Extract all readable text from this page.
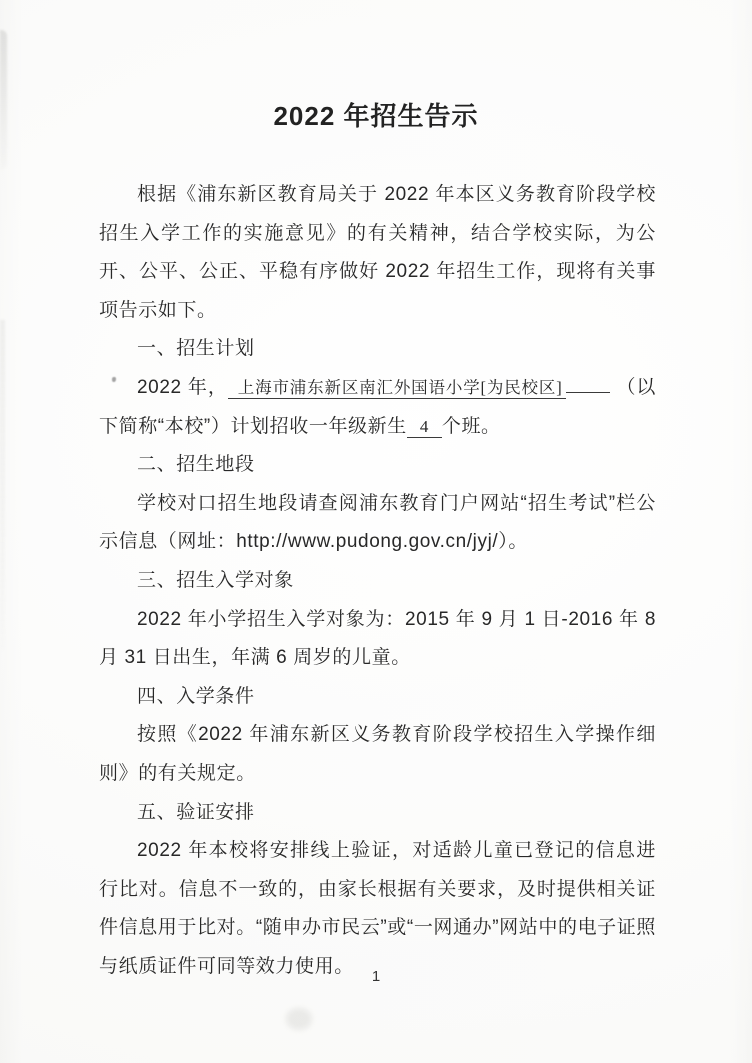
2022 年招生告示

根据《浦东新区教育局关于 2022 年本区义务教育阶段学校招生入学工作的实施意见》的有关精神，结合学校实际，为公开、公平、公正、平稳有序做好 2022 年招生工作，现将有关事项告示如下。

一、招生计划

2022 年， 上海市浦东新区南汇外国语小学[为民校区]	（以下简称“本校”）计划招收一年级新生 4 个班。

二、招生地段

学校对口招生地段请查阅浦东教育门户网站“招生考试”栏公示信息（网址：http://www.pudong.gov.cn/jyj/）。

三、招生入学对象

2022 年小学招生入学对象为：2015 年 9 月 1 日-2016 年 8 月 31 日出生，年满 6 周岁的儿童。

四、入学条件

按照《2022 年浦东新区义务教育阶段学校招生入学操作细则》的有关规定。

五、验证安排

2022 年本校将安排线上验证，对适龄儿童已登记的信息进行比对。信息不一致的，由家长根据有关要求，及时提供相关证件信息用于比对。“随申办市民云”或“一网通办”网站中的电子证照与纸质证件可同等效力使用。	1
